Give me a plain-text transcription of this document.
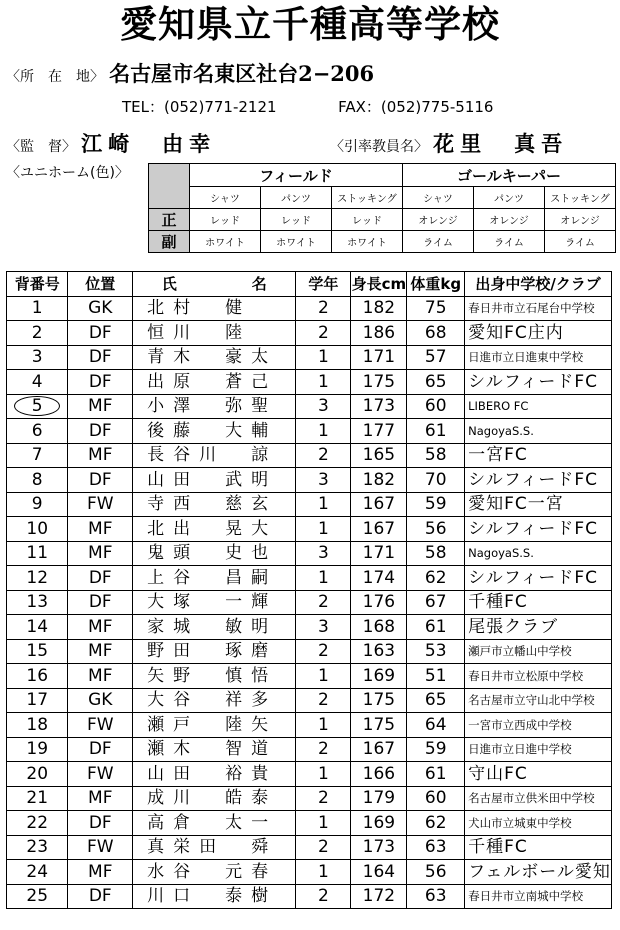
愛知県立千種高等学校
〈所　在　地〉 名古屋市名東区社台2−206
TEL：(052)771-2121	FAX：(052)775-5116
〈監　督〉 江崎　由幸	〈引率教員名〉 花里　真吾
〈ユニホーム(色)〉
		フィールド			ゴールキーパー		
	シャツ	パンツ	ストッキング	シャツ	パンツ	ストッキング
正	レッド	レッド	レッド	オレンジ	オレンジ	オレンジ
副	ホワイト	ホワイト	ホワイト	ライム	ライム	ライム
背番号	位置	氏　　　　　名	学年	身長cm	体重kg	出身中学校/クラブ
1	GK	北村　健	2	182	75	春日井市立石尾台中学校
2	DF	恒川　陸	2	186	68	愛知FC庄内
3	DF	青木　豪太	1	171	57	日進市立日進東中学校
4	DF	出原　蒼己	1	175	65	シルフィードFC
5	MF	小澤　弥聖	3	173	60	LIBERO FC
6	DF	後藤　大輔	1	177	61	NagoyaS.S.
7	MF	長谷川　諒	2	165	58	一宮FC
8	DF	山田　武明	3	182	70	シルフィードFC
9	FW	寺西　慈玄	1	167	59	愛知FC一宮
10	MF	北出　晃大	1	167	56	シルフィードFC
11	MF	鬼頭　史也	3	171	58	NagoyaS.S.
12	DF	上谷　昌嗣	1	174	62	シルフィードFC
13	DF	大塚　一輝	2	176	67	千種FC
14	MF	家城　敏明	3	168	61	尾張クラブ
15	MF	野田　琢磨	2	163	53	瀬戸市立幡山中学校
16	MF	矢野　慎悟	1	169	51	春日井市立松原中学校
17	GK	大谷　祥多	2	175	65	名古屋市立守山北中学校
18	FW	瀬戸　陸矢	1	175	64	一宮市立西成中学校
19	DF	瀬木　智道	2	167	59	日進市立日進中学校
20	FW	山田　裕貴	1	166	61	守山FC
21	MF	成川　皓泰	2	179	60	名古屋市立供米田中学校
22	DF	高倉　太一	1	169	62	犬山市立城東中学校
23	FW	真栄田　舜	2	173	63	千種FC
24	MF	水谷　元春	1	164	56	フェルボール愛知
25	DF	川口　泰樹	2	172	63	春日井市立南城中学校
